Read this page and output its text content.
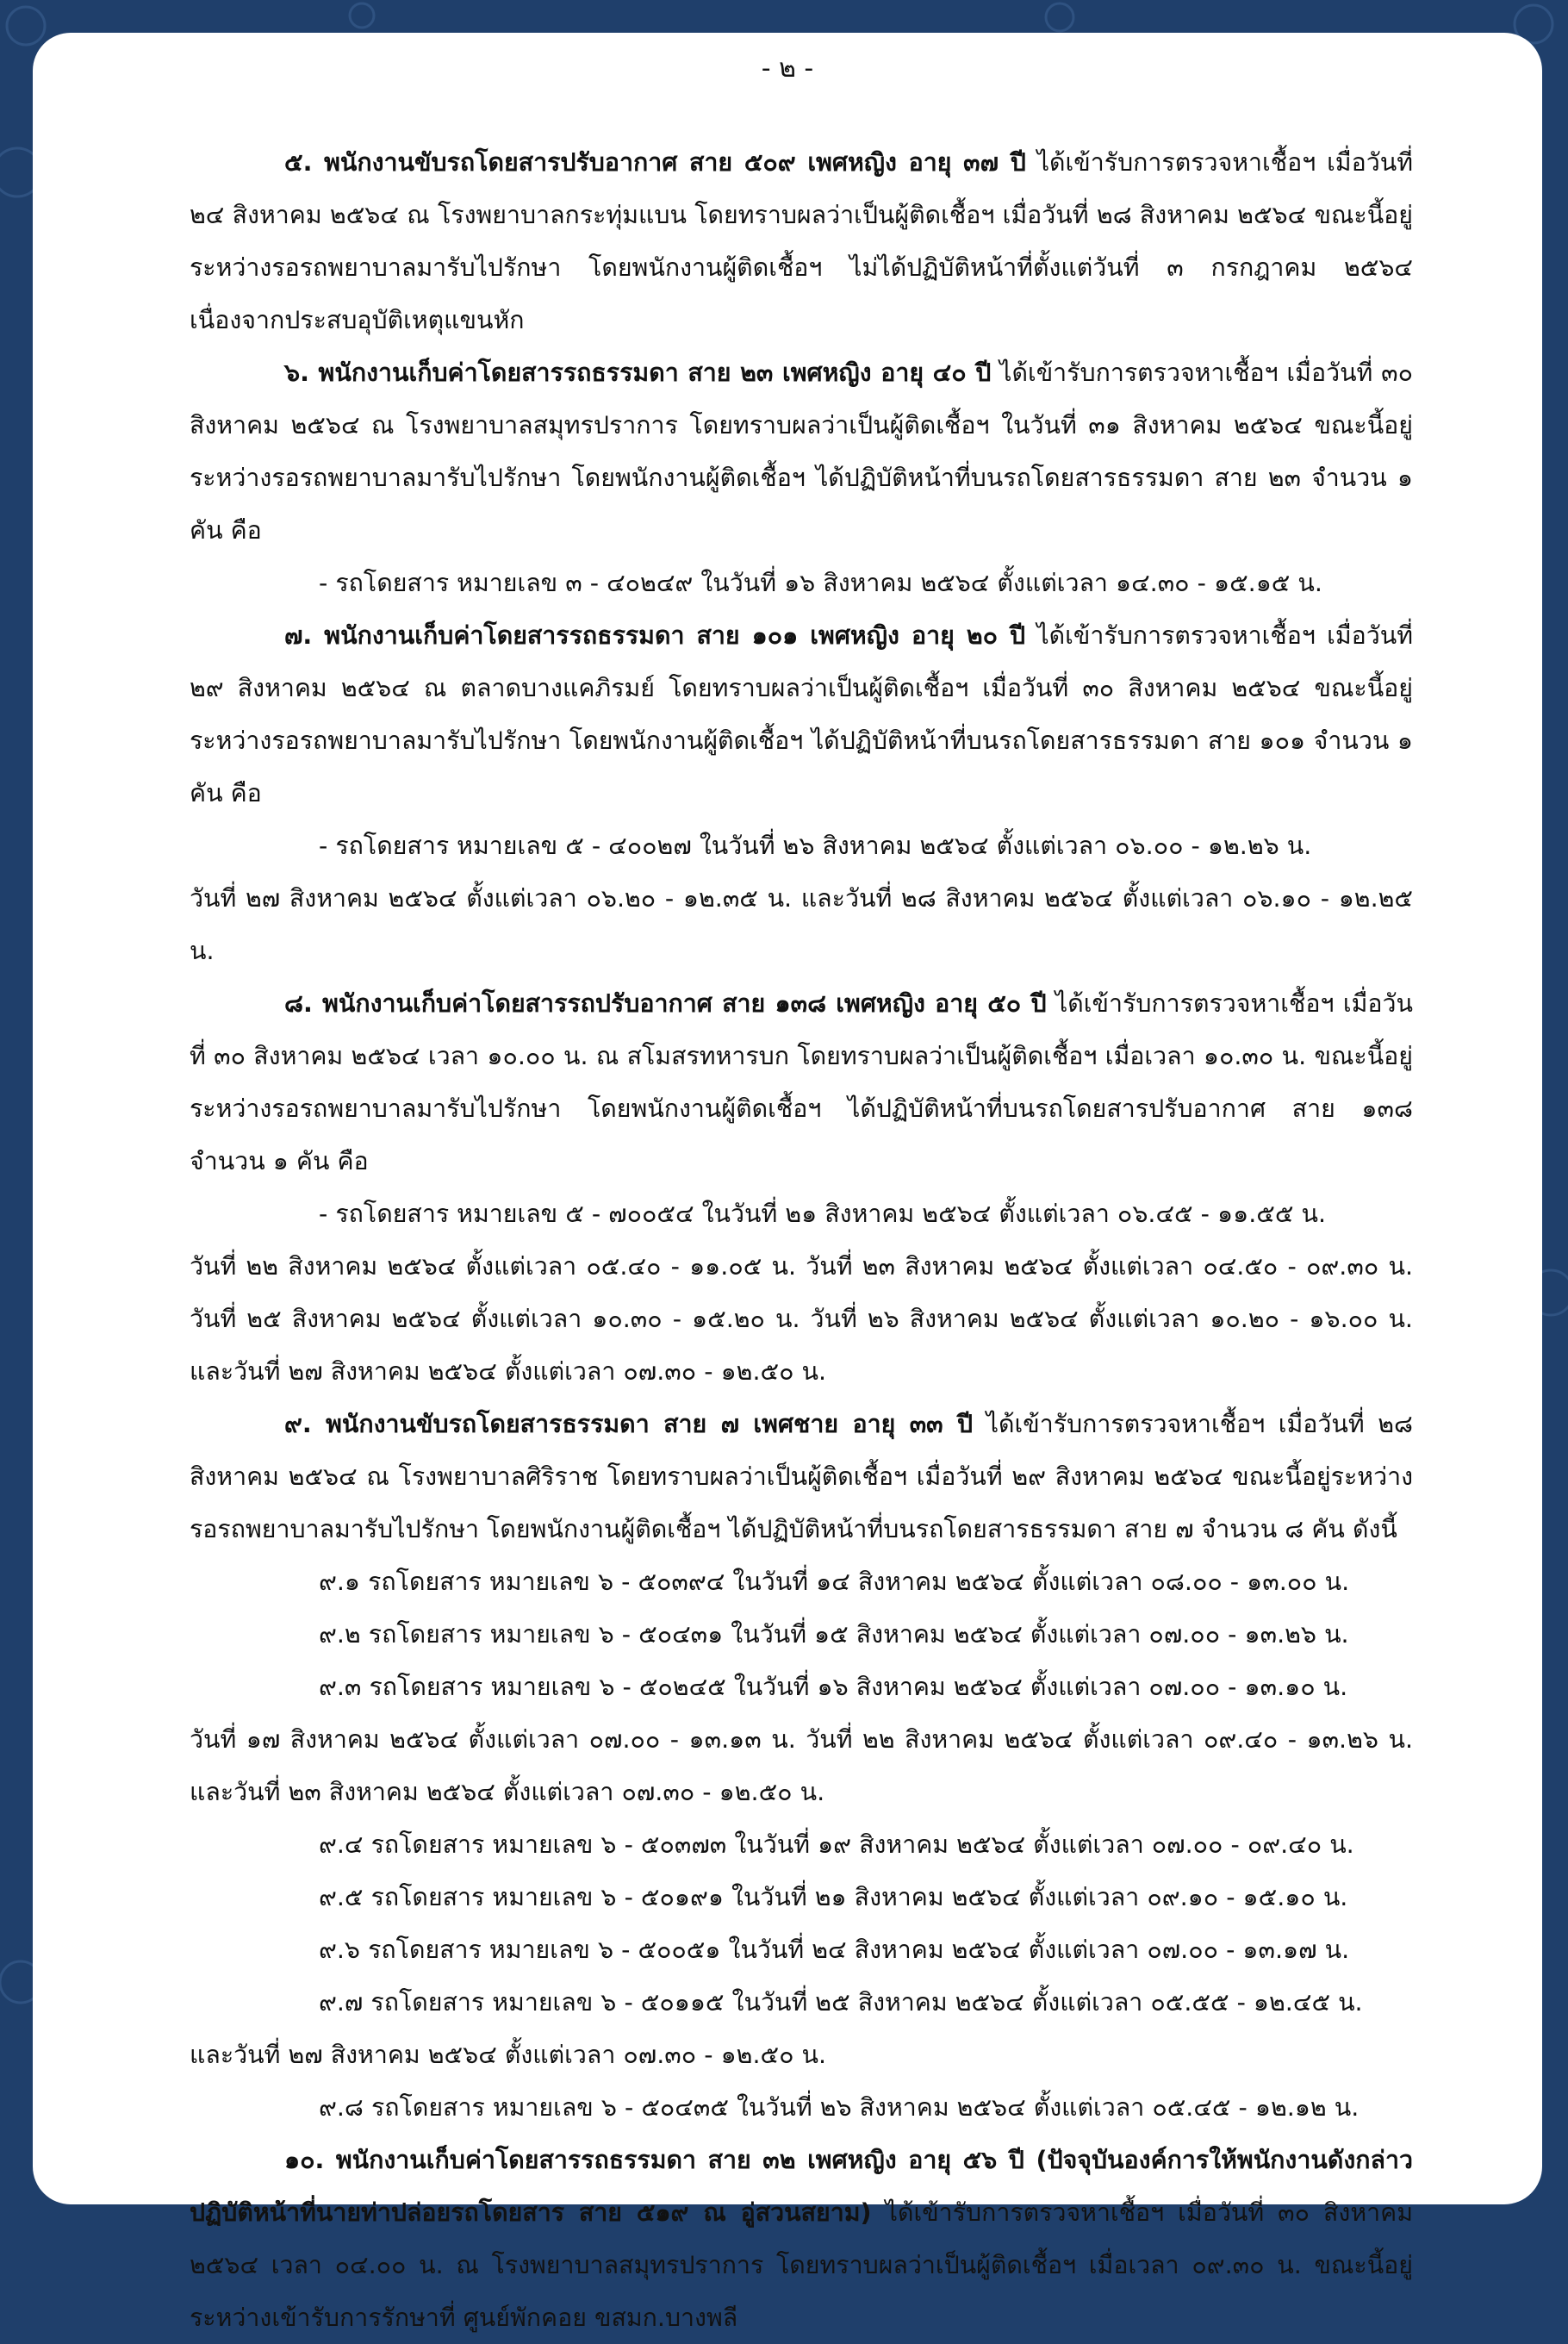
- ๒ -

๕. พนักงานขับรถโดยสารปรับอากาศ สาย ๕๐๙ เพศหญิง อายุ ๓๗ ปี ได้เข้ารับการตรวจหาเชื้อฯ เมื่อวันที่ ๒๔ สิงหาคม ๒๕๖๔ ณ โรงพยาบาลกระทุ่มแบน โดยทราบผลว่าเป็นผู้ติดเชื้อฯ เมื่อวันที่ ๒๘ สิงหาคม ๒๕๖๔ ขณะนี้อยู่ระหว่างรอรถพยาบาลมารับไปรักษา โดยพนักงานผู้ติดเชื้อฯ ไม่ได้ปฏิบัติหน้าที่ตั้งแต่วันที่ ๓ กรกฎาคม ๒๕๖๔ เนื่องจากประสบอุบัติเหตุแขนหัก

๖. พนักงานเก็บค่าโดยสารรถธรรมดา สาย ๒๓ เพศหญิง อายุ ๔๐ ปี ได้เข้ารับการตรวจหาเชื้อฯ เมื่อวันที่ ๓๐ สิงหาคม ๒๕๖๔ ณ โรงพยาบาลสมุทรปราการ โดยทราบผลว่าเป็นผู้ติดเชื้อฯ ในวันที่ ๓๑ สิงหาคม ๒๕๖๔ ขณะนี้อยู่ระหว่างรอรถพยาบาลมารับไปรักษา โดยพนักงานผู้ติดเชื้อฯ ได้ปฏิบัติหน้าที่บนรถโดยสารธรรมดา สาย ๒๓ จำนวน ๑ คัน คือ

- รถโดยสาร หมายเลข ๓ - ๔๐๒๔๙ ในวันที่ ๑๖ สิงหาคม ๒๕๖๔ ตั้งแต่เวลา ๑๔.๓๐ - ๑๕.๑๕ น.

๗. พนักงานเก็บค่าโดยสารรถธรรมดา สาย ๑๐๑ เพศหญิง อายุ ๒๐ ปี ได้เข้ารับการตรวจหาเชื้อฯ เมื่อวันที่ ๒๙ สิงหาคม ๒๕๖๔ ณ ตลาดบางแคภิรมย์ โดยทราบผลว่าเป็นผู้ติดเชื้อฯ เมื่อวันที่ ๓๐ สิงหาคม ๒๕๖๔ ขณะนี้อยู่ระหว่างรอรถพยาบาลมารับไปรักษา โดยพนักงานผู้ติดเชื้อฯ ได้ปฏิบัติหน้าที่บนรถโดยสารธรรมดา สาย ๑๐๑ จำนวน ๑ คัน คือ

- รถโดยสาร หมายเลข ๕ - ๔๐๐๒๗ ในวันที่ ๒๖ สิงหาคม ๒๕๖๔ ตั้งแต่เวลา ๐๖.๐๐ - ๑๒.๒๖ น.

วันที่ ๒๗ สิงหาคม ๒๕๖๔ ตั้งแต่เวลา ๐๖.๒๐ - ๑๒.๓๕ น. และวันที่ ๒๘ สิงหาคม ๒๕๖๔ ตั้งแต่เวลา ๐๖.๑๐ - ๑๒.๒๕ น.

๘. พนักงานเก็บค่าโดยสารรถปรับอากาศ สาย ๑๓๘ เพศหญิง อายุ ๕๐ ปี ได้เข้ารับการตรวจหาเชื้อฯ เมื่อวันที่ ๓๐ สิงหาคม ๒๕๖๔ เวลา ๑๐.๐๐ น. ณ สโมสรทหารบก โดยทราบผลว่าเป็นผู้ติดเชื้อฯ เมื่อเวลา ๑๐.๓๐ น. ขณะนี้อยู่ระหว่างรอรถพยาบาลมารับไปรักษา โดยพนักงานผู้ติดเชื้อฯ ได้ปฏิบัติหน้าที่บนรถโดยสารปรับอากาศ สาย ๑๓๘ จำนวน ๑ คัน คือ

- รถโดยสาร หมายเลข ๕ - ๗๐๐๕๔ ในวันที่ ๒๑ สิงหาคม ๒๕๖๔ ตั้งแต่เวลา ๐๖.๔๕ - ๑๑.๕๕ น.

วันที่ ๒๒ สิงหาคม ๒๕๖๔ ตั้งแต่เวลา ๐๕.๔๐ - ๑๑.๐๕ น. วันที่ ๒๓ สิงหาคม ๒๕๖๔ ตั้งแต่เวลา ๐๔.๕๐ - ๐๙.๓๐ น. วันที่ ๒๕ สิงหาคม ๒๕๖๔ ตั้งแต่เวลา ๑๐.๓๐ - ๑๕.๒๐ น. วันที่ ๒๖ สิงหาคม ๒๕๖๔ ตั้งแต่เวลา ๑๐.๒๐ - ๑๖.๐๐ น. และวันที่ ๒๗ สิงหาคม ๒๕๖๔ ตั้งแต่เวลา ๐๗.๓๐ - ๑๒.๕๐ น.

๙. พนักงานขับรถโดยสารธรรมดา สาย ๗ เพศชาย อายุ ๓๓ ปี ได้เข้ารับการตรวจหาเชื้อฯ เมื่อวันที่ ๒๘ สิงหาคม ๒๕๖๔ ณ โรงพยาบาลศิริราช โดยทราบผลว่าเป็นผู้ติดเชื้อฯ เมื่อวันที่ ๒๙ สิงหาคม ๒๕๖๔ ขณะนี้อยู่ระหว่างรอรถพยาบาลมารับไปรักษา โดยพนักงานผู้ติดเชื้อฯ ได้ปฏิบัติหน้าที่บนรถโดยสารธรรมดา สาย ๗ จำนวน ๘ คัน ดังนี้

๙.๑ รถโดยสาร หมายเลข ๖ - ๕๐๓๙๔ ในวันที่ ๑๔ สิงหาคม ๒๕๖๔ ตั้งแต่เวลา ๐๘.๐๐ - ๑๓.๐๐ น.

๙.๒ รถโดยสาร หมายเลข ๖ - ๕๐๔๓๑ ในวันที่ ๑๕ สิงหาคม ๒๕๖๔ ตั้งแต่เวลา ๐๗.๐๐ - ๑๓.๒๖ น.

๙.๓ รถโดยสาร หมายเลข ๖ - ๕๐๒๔๕ ในวันที่ ๑๖ สิงหาคม ๒๕๖๔ ตั้งแต่เวลา ๐๗.๐๐ - ๑๓.๑๐ น.

วันที่ ๑๗ สิงหาคม ๒๕๖๔ ตั้งแต่เวลา ๐๗.๐๐ - ๑๓.๑๓ น. วันที่ ๒๒ สิงหาคม ๒๕๖๔ ตั้งแต่เวลา ๐๙.๔๐ - ๑๓.๒๖ น. และวันที่ ๒๓ สิงหาคม ๒๕๖๔ ตั้งแต่เวลา ๐๗.๓๐ - ๑๒.๕๐ น.

๙.๔ รถโดยสาร หมายเลข ๖ - ๕๐๓๗๓ ในวันที่ ๑๙ สิงหาคม ๒๕๖๔ ตั้งแต่เวลา ๐๗.๐๐ - ๐๙.๔๐ น.

๙.๕ รถโดยสาร หมายเลข ๖ - ๕๐๑๙๑ ในวันที่ ๒๑ สิงหาคม ๒๕๖๔ ตั้งแต่เวลา ๐๙.๑๐ - ๑๕.๑๐ น.

๙.๖ รถโดยสาร หมายเลข ๖ - ๕๐๐๕๑ ในวันที่ ๒๔ สิงหาคม ๒๕๖๔ ตั้งแต่เวลา ๐๗.๐๐ - ๑๓.๑๗ น.

๙.๗ รถโดยสาร หมายเลข ๖ - ๕๐๑๑๕ ในวันที่ ๒๕ สิงหาคม ๒๕๖๔ ตั้งแต่เวลา ๐๕.๕๕ - ๑๒.๔๕ น.

และวันที่ ๒๗ สิงหาคม ๒๕๖๔ ตั้งแต่เวลา ๐๗.๓๐ - ๑๒.๕๐ น.

๙.๘ รถโดยสาร หมายเลข ๖ - ๕๐๔๓๕ ในวันที่ ๒๖ สิงหาคม ๒๕๖๔ ตั้งแต่เวลา ๐๕.๔๕ - ๑๒.๑๒ น.

๑๐. พนักงานเก็บค่าโดยสารรถธรรมดา สาย ๓๒ เพศหญิง อายุ ๕๖ ปี (ปัจจุบันองค์การให้พนักงานดังกล่าว ปฏิบัติหน้าที่นายท่าปล่อยรถโดยสาร สาย ๕๑๙ ณ อู่สวนสยาม) ได้เข้ารับการตรวจหาเชื้อฯ เมื่อวันที่ ๓๐ สิงหาคม ๒๕๖๔ เวลา ๐๔.๐๐ น. ณ โรงพยาบาลสมุทรปราการ โดยทราบผลว่าเป็นผู้ติดเชื้อฯ เมื่อเวลา ๐๙.๓๐ น. ขณะนี้อยู่ระหว่างเข้ารับการรักษาที่ ศูนย์พักคอย ขสมก.บางพลี
